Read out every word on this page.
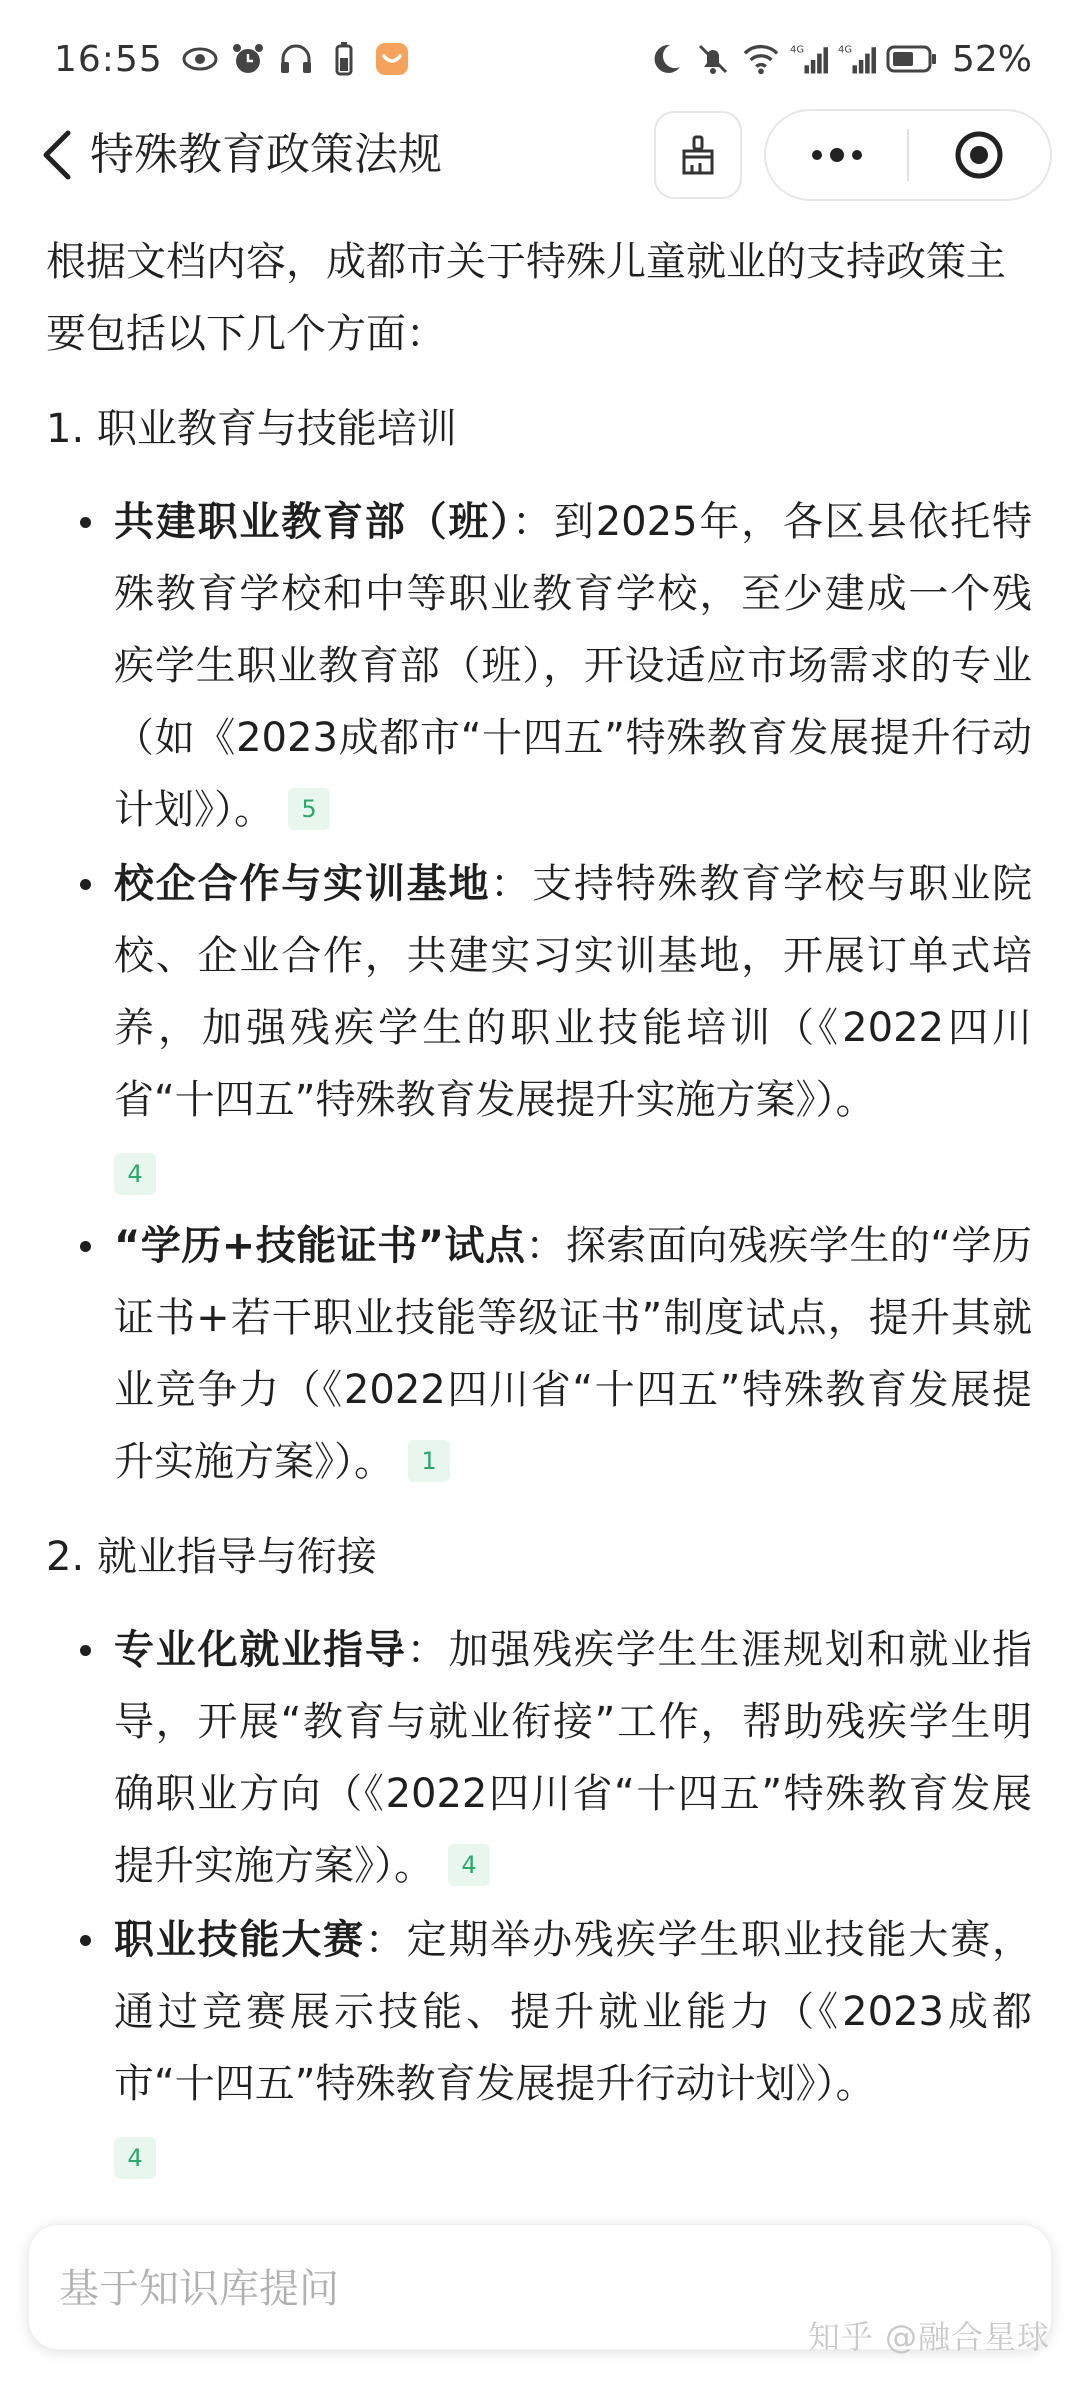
16:55	4G	4G	52%
特殊教育政策法规

根据文档内容，成都市关于特殊儿童就业的支持政策主要包括以下几个方面：

1. 职业教育与技能培训
共建职业教育部（班）：到2025年，各区县依托特殊教育学校和中等职业教育学校，至少建成一个残疾学生职业教育部（班），开设适应市场需求的专业（如《2023成都市“十四五”特殊教育发展提升行动计划》）。 5
校企合作与实训基地：支持特殊教育学校与职业院校、企业合作，共建实习实训基地，开展订单式培养，加强残疾学生的职业技能培训（《2022四川省“十四五”特殊教育发展提升实施方案》）。
4
“学历+技能证书”试点：探索面向残疾学生的“学历证书+若干职业技能等级证书”制度试点，提升其就业竞争力（《2022四川省“十四五”特殊教育发展提升实施方案》）。 1
2. 就业指导与衔接
专业化就业指导：加强残疾学生生涯规划和就业指导，开展“教育与就业衔接”工作，帮助残疾学生明确职业方向（《2022四川省“十四五”特殊教育发展提升实施方案》）。 4
职业技能大赛：定期举办残疾学生职业技能大赛，通过竞赛展示技能、提升就业能力（《2023成都市“十四五”特殊教育发展提升行动计划》）。
4
基于知识库提问
知乎 @融合星球
